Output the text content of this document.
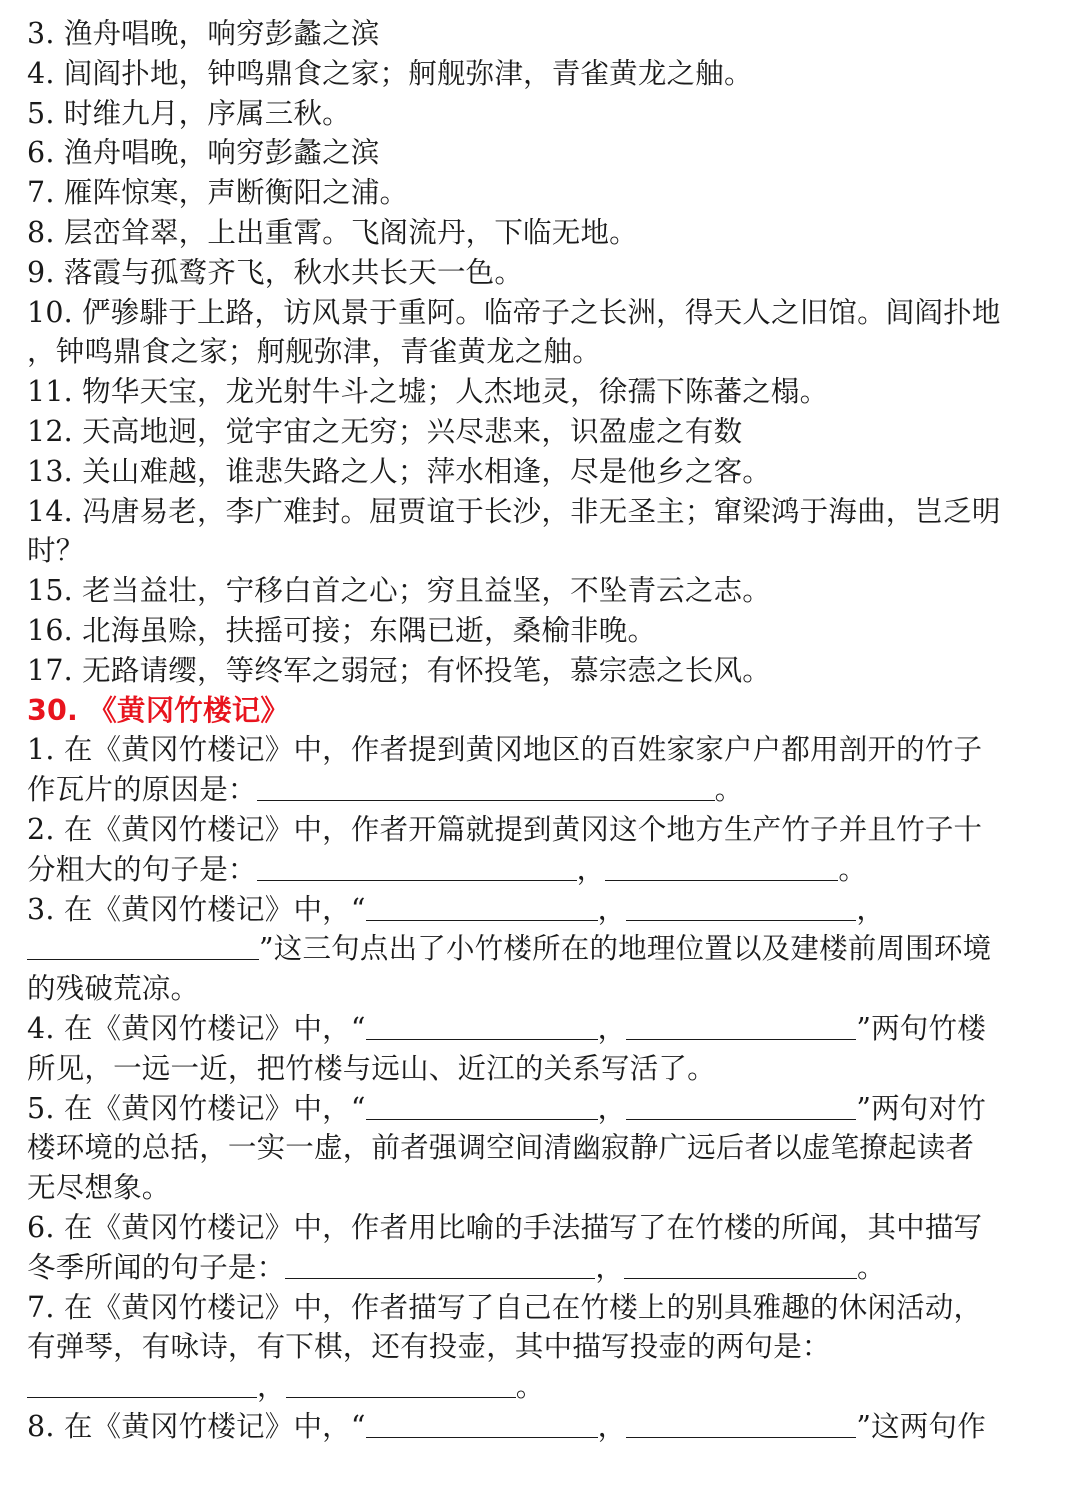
3. 渔舟唱晚，响穷彭蠡之滨
4. 闾阎扑地，钟鸣鼎食之家；舸舰弥津，青雀黄龙之舳。
5. 时维九月，序属三秋。
6. 渔舟唱晚，响穷彭蠡之滨
7. 雁阵惊寒，声断衡阳之浦。
8. 层峦耸翠，上出重霄。飞阁流丹，下临无地。
9. 落霞与孤鹜齐飞，秋水共长天一色。
10. 俨骖騑于上路，访风景于重阿。临帝子之长洲，得天人之旧馆。闾阎扑地
，钟鸣鼎食之家；舸舰弥津，青雀黄龙之舳。
11. 物华天宝，龙光射牛斗之墟；人杰地灵，徐孺下陈蕃之榻。
12. 天高地迥，觉宇宙之无穷；兴尽悲来，识盈虚之有数
13. 关山难越，谁悲失路之人；萍水相逢，尽是他乡之客。
14. 冯唐易老，李广难封。屈贾谊于长沙，非无圣主；窜梁鸿于海曲，岂乏明
时？
15. 老当益壮，宁移白首之心；穷且益坚，不坠青云之志。
16. 北海虽赊，扶摇可接；东隅已逝，桑榆非晚。
17. 无路请缨，等终军之弱冠；有怀投笔，慕宗悫之长风。
30. 《黄冈竹楼记》
1. 在《黄冈竹楼记》中，作者提到黄冈地区的百姓家家户户都用剖开的竹子
作瓦片的原因是：	。
2. 在《黄冈竹楼记》中，作者开篇就提到黄冈这个地方生产竹子并且竹子十
分粗大的句子是：	，	。
3. 在《黄冈竹楼记》中，“	，	，
”这三句点出了小竹楼所在的地理位置以及建楼前周围环境
的残破荒凉。
4. 在《黄冈竹楼记》中，“	，	”两句竹楼
所见，一远一近，把竹楼与远山、近江的关系写活了。
5. 在《黄冈竹楼记》中，“	，	”两句对竹
楼环境的总括，一实一虚，前者强调空间清幽寂静广远后者以虚笔撩起读者
无尽想象。
6. 在《黄冈竹楼记》中，作者用比喻的手法描写了在竹楼的所闻，其中描写
冬季所闻的句子是：	，	。
7. 在《黄冈竹楼记》中，作者描写了自己在竹楼上的别具雅趣的休闲活动，
有弹琴，有咏诗，有下棋，还有投壶，其中描写投壶的两句是：
，	。
8. 在《黄冈竹楼记》中，“	，	”这两句作
